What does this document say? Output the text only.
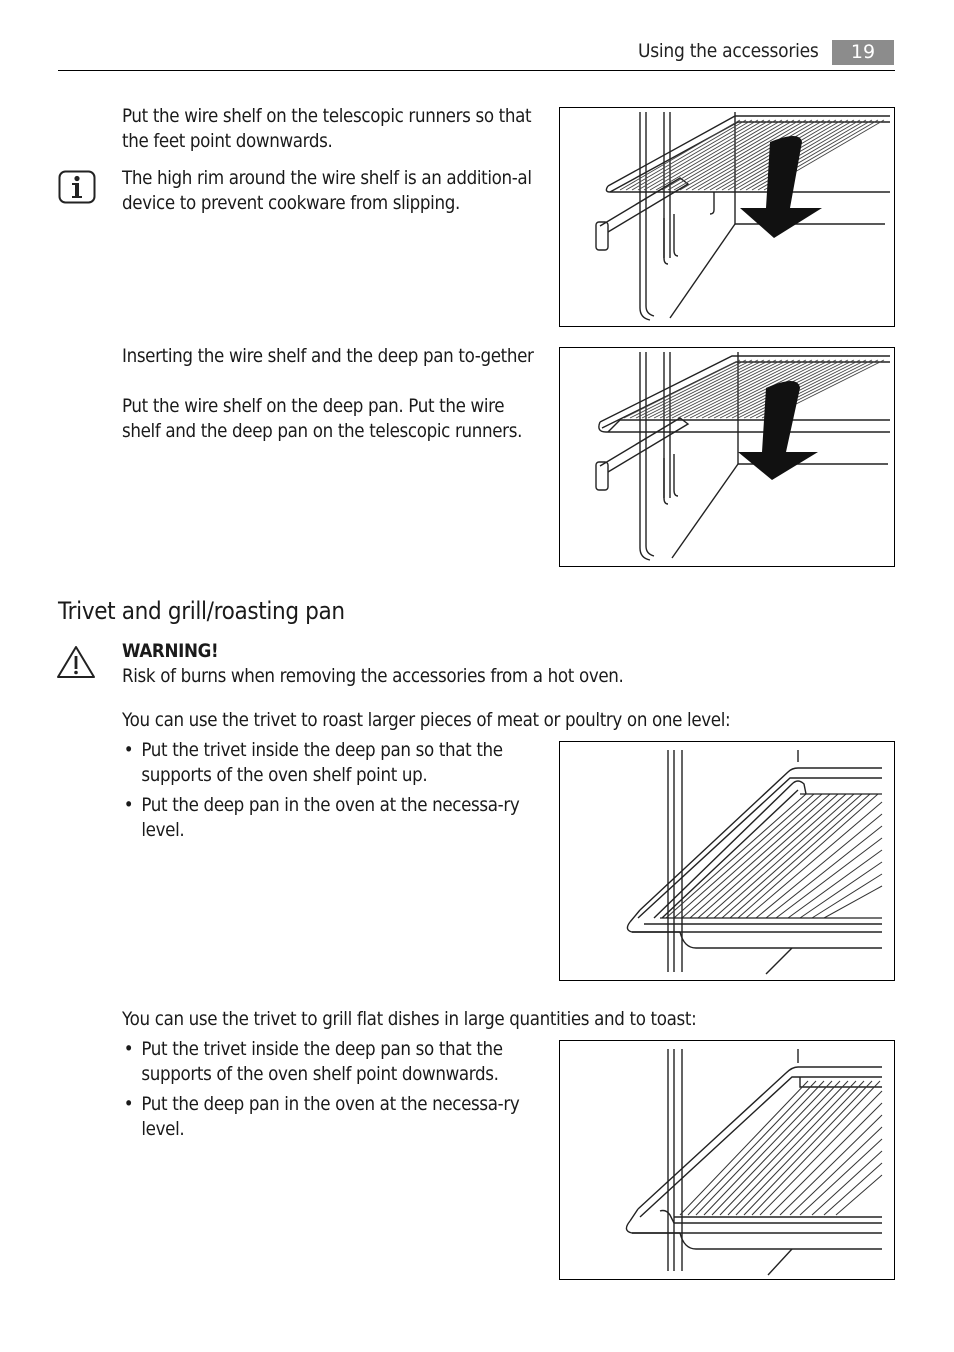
Using the accessories	19
Put the wire shelf on the telescopic runners so that the feet point downwards.
The high rim around the wire shelf is an addition-al device to prevent cookware from slipping.
Inserting the wire shelf and the deep pan to-gether
Put the wire shelf on the deep pan. Put the wire shelf and the deep pan on the telescopic runners.
Trivet and grill/roasting pan
WARNING!
Risk of burns when removing the accessories from a hot oven.
You can use the trivet to roast larger pieces of meat or poultry on one level:
• Put the trivet inside the deep pan so that the supports of the oven shelf point up.
• Put the deep pan in the oven at the necessa-ry level.
You can use the trivet to grill flat dishes in large quantities and to toast:
• Put the trivet inside the deep pan so that the supports of the oven shelf point downwards.
• Put the deep pan in the oven at the necessa-ry level.
